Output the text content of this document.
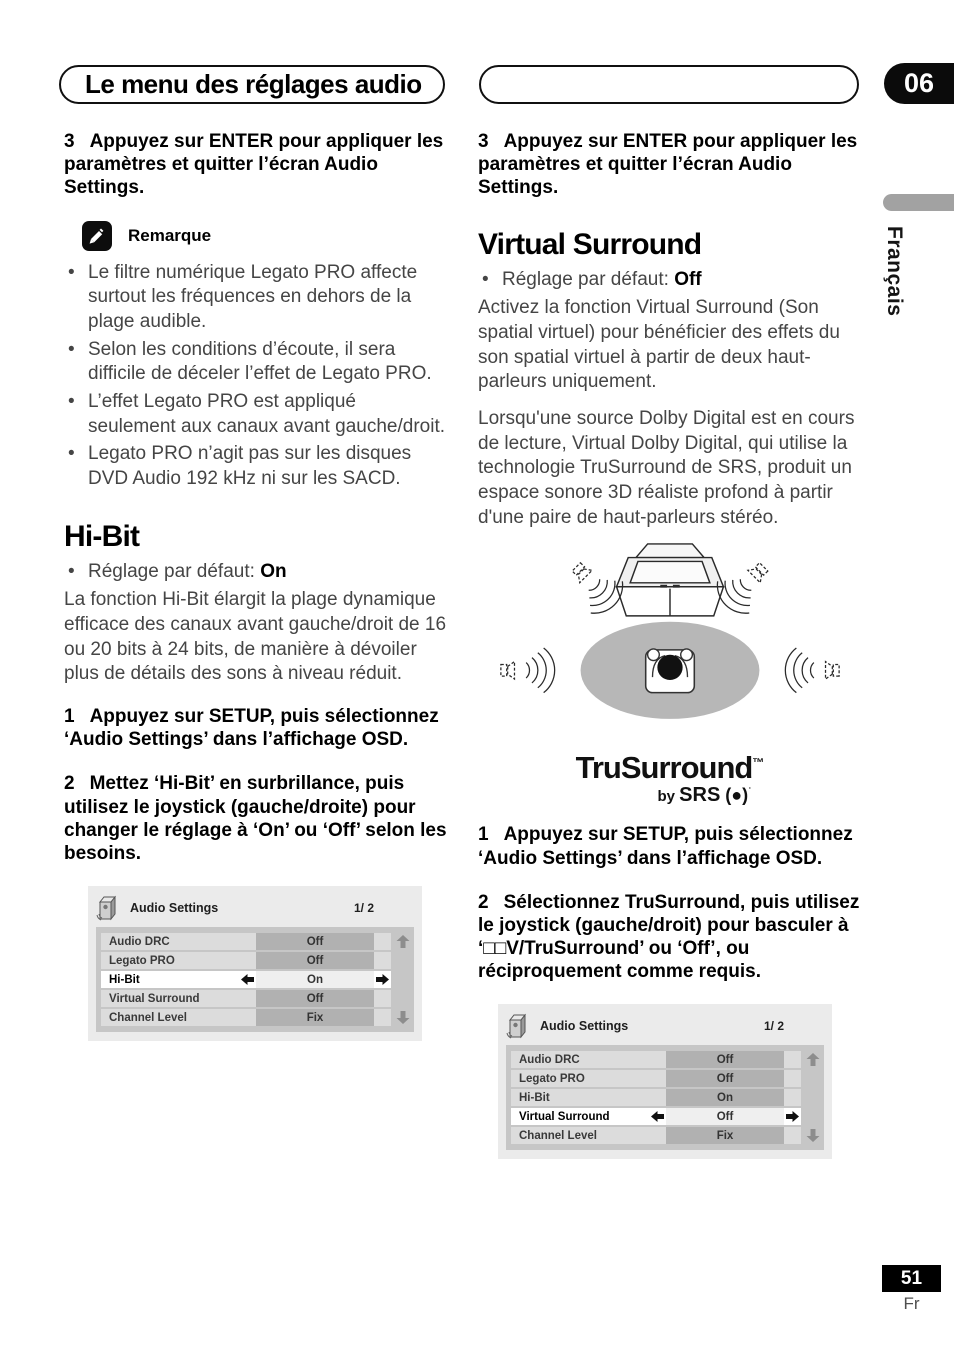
Le menu des réglages audio	06
Français

3 Appuyez sur ENTER pour appliquer les paramètres et quitter l’écran Audio Settings.

Remarque
• Le filtre numérique Legato PRO affecte surtout les fréquences en dehors de la plage audible.
• Selon les conditions d’écoute, il sera difficile de déceler l’effet de Legato PRO.
• L’effet Legato PRO est appliqué seulement aux canaux avant gauche/droit.
• Legato PRO n’agit pas sur les disques DVD Audio 192 kHz ni sur les SACD.
Hi-Bit
• Réglage par défaut: On

La fonction Hi-Bit élargit la plage dynamique efficace des canaux avant gauche/droit de 16 ou 20 bits à 24 bits, de manière à dévoiler plus de détails des sons à niveau réduit.

1 Appuyez sur SETUP, puis sélectionnez ‘Audio Settings’ dans l’affichage OSD.

2 Mettez ‘Hi-Bit’ en surbrillance, puis utilisez le joystick (gauche/droite) pour changer le réglage à ‘On’ ou ‘Off’ selon les besoins.

Audio Settings	1/ 2
Audio DRC	Off
Legato PRO	Off
Hi-Bit	On
Virtual Surround	Off
Channel Level	Fix

3 Appuyez sur ENTER pour appliquer les paramètres et quitter l’écran Audio Settings.

Virtual Surround
• Réglage par défaut: Off

Activez la fonction Virtual Surround (Son spatial virtuel) pour bénéficier des effets du son spatial virtuel à partir de deux haut-parleurs uniquement.

Lorsqu'une source Dolby Digital est en cours de lecture, Virtual Dolby Digital, qui utilise la technologie TruSurround de SRS, produit un espace sonore 3D réaliste profond à partir d'une paire de haut-parleurs stéréo.

TruSurround™
by SRS (●)˙

1 Appuyez sur SETUP, puis sélectionnez ‘Audio Settings’ dans l’affichage OSD.

2 Sélectionnez TruSurround, puis utilisez le joystick (gauche/droit) pour basculer à ‘□□V/TruSurround’ ou ‘Off’, ou réciproquement comme requis.

Audio Settings	1/ 2
Audio DRC	Off
Legato PRO	Off
Hi-Bit	On
Virtual Surround	Off
Channel Level	Fix
51
Fr
